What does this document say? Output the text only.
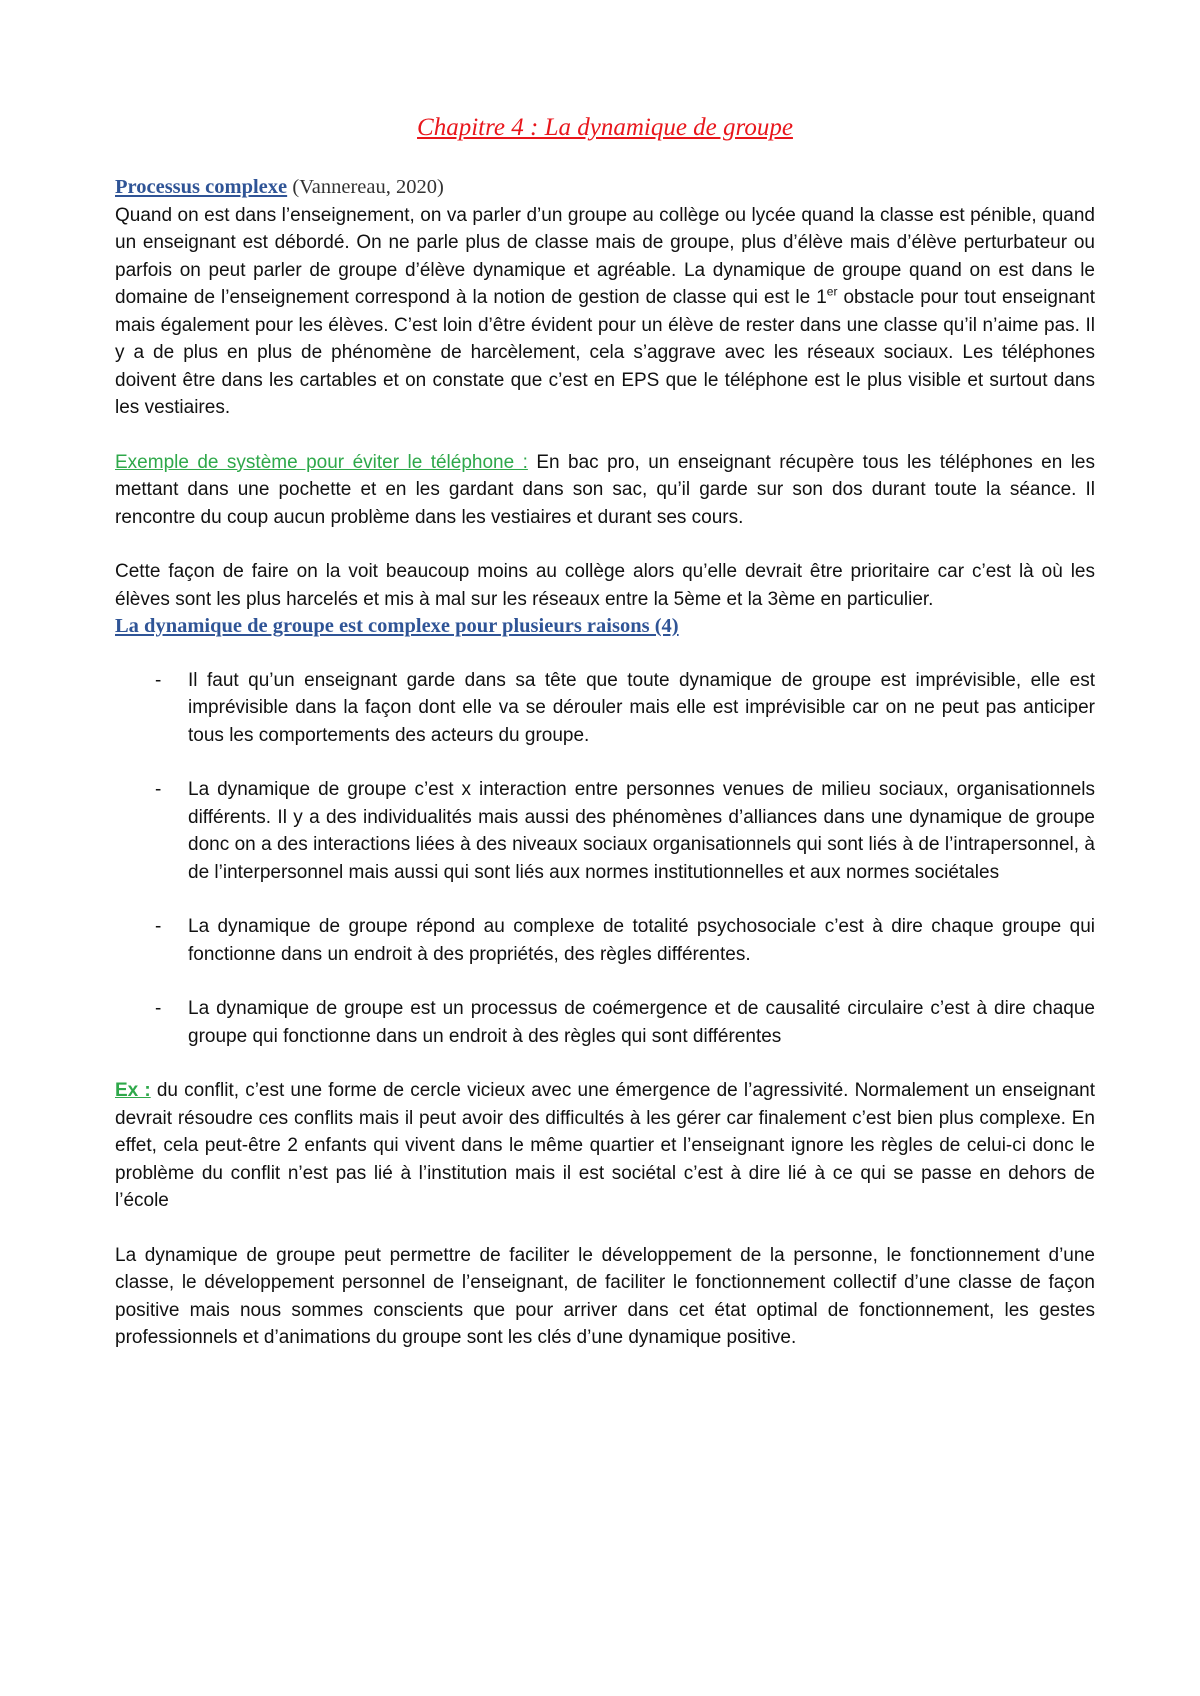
Chapitre 4 : La dynamique de groupe

Processus complexe (Vannereau, 2020)
Quand on est dans l’enseignement, on va parler d’un groupe au collège ou lycée quand la classe est pénible, quand un enseignant est débordé. On ne parle plus de classe mais de groupe, plus d’élève mais d’élève perturbateur ou parfois on peut parler de groupe d’élève dynamique et agréable. La dynamique de groupe quand on est dans le domaine de l’enseignement correspond à la notion de gestion de classe qui est le 1er obstacle pour tout enseignant mais également pour les élèves. C’est loin d’être évident pour un élève de rester dans une classe qu’il n’aime pas. Il y a de plus en plus de phénomène de harcèlement, cela s’aggrave avec les réseaux sociaux. Les téléphones doivent être dans les cartables et on constate que c’est en EPS que le téléphone est le plus visible et surtout dans les vestiaires.

Exemple de système pour éviter le téléphone : En bac pro, un enseignant récupère tous les téléphones en les mettant dans une pochette et en les gardant dans son sac, qu’il garde sur son dos durant toute la séance. Il rencontre du coup aucun problème dans les vestiaires et durant ses cours.

Cette façon de faire on la voit beaucoup moins au collège alors qu’elle devrait être prioritaire car c’est là où les élèves sont les plus harcelés et mis à mal sur les réseaux entre la 5ème et la 3ème en particulier.

La dynamique de groupe est complexe pour plusieurs raisons (4)
- Il faut qu’un enseignant garde dans sa tête que toute dynamique de groupe est imprévisible, elle est imprévisible dans la façon dont elle va se dérouler mais elle est imprévisible car on ne peut pas anticiper tous les comportements des acteurs du groupe.
- La dynamique de groupe c’est x interaction entre personnes venues de milieu sociaux, organisationnels différents. Il y a des individualités mais aussi des phénomènes d’alliances dans une dynamique de groupe donc on a des interactions liées à des niveaux sociaux organisationnels qui sont liés à de l’intrapersonnel, à de l’interpersonnel mais aussi qui sont liés aux normes institutionnelles et aux normes sociétales
- La dynamique de groupe répond au complexe de totalité psychosociale c’est à dire chaque groupe qui fonctionne dans un endroit à des propriétés, des règles différentes.
- La dynamique de groupe est un processus de coémergence et de causalité circulaire c’est à dire chaque groupe qui fonctionne dans un endroit à des règles qui sont différentes

Ex : du conflit, c’est une forme de cercle vicieux avec une émergence de l’agressivité. Normalement un enseignant devrait résoudre ces conflits mais il peut avoir des difficultés à les gérer car finalement c’est bien plus complexe. En effet, cela peut-être 2 enfants qui vivent dans le même quartier et l’enseignant ignore les règles de celui-ci donc le problème du conflit n’est pas lié à l’institution mais il est sociétal c’est à dire lié à ce qui se passe en dehors de l’école

La dynamique de groupe peut permettre de faciliter le développement de la personne, le fonctionnement d’une classe, le développement personnel de l’enseignant, de faciliter le fonctionnement collectif d’une classe de façon positive mais nous sommes conscients que pour arriver dans cet état optimal de fonctionnement, les gestes professionnels et d’animations du groupe sont les clés d’une dynamique positive.
